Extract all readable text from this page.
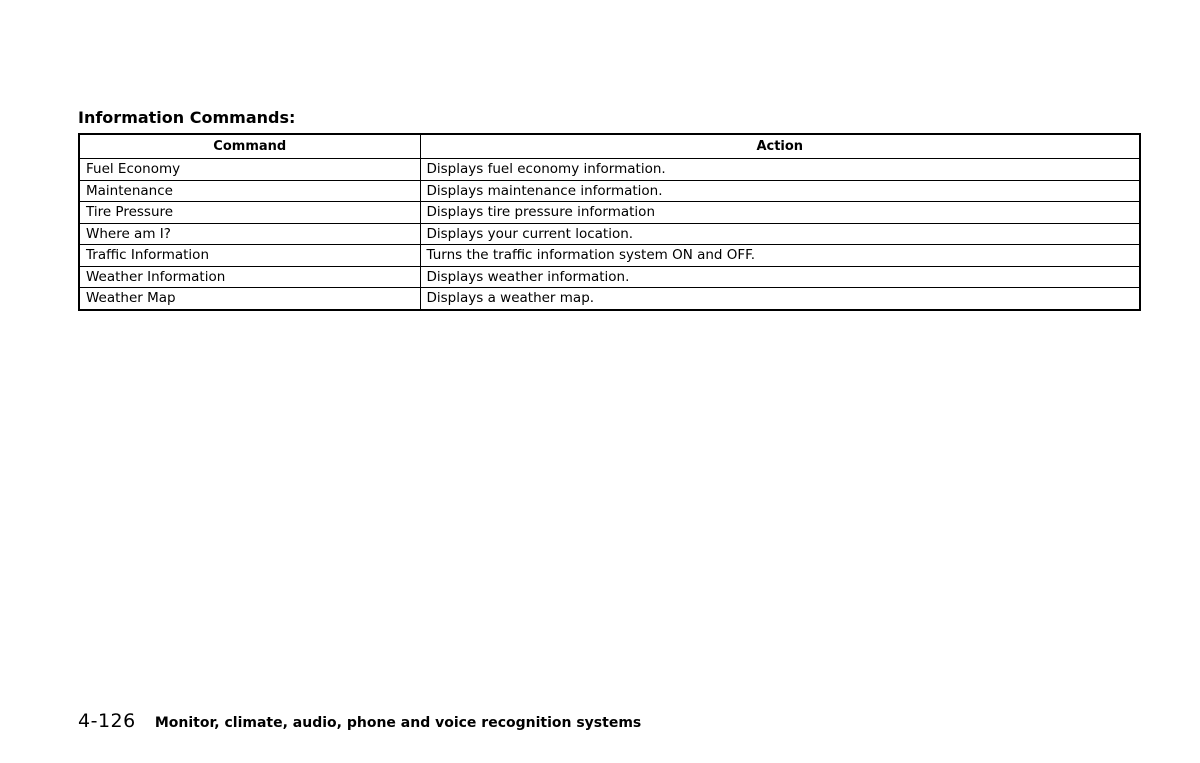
Information Commands:
Command	Action
Fuel Economy	Displays fuel economy information.
Maintenance	Displays maintenance information.
Tire Pressure	Displays tire pressure information
Where am I?	Displays your current location.
Traffic Information	Turns the traffic information system ON and OFF.
Weather Information	Displays weather information.
Weather Map	Displays a weather map.
4-126 Monitor, climate, audio, phone and voice recognition systems
